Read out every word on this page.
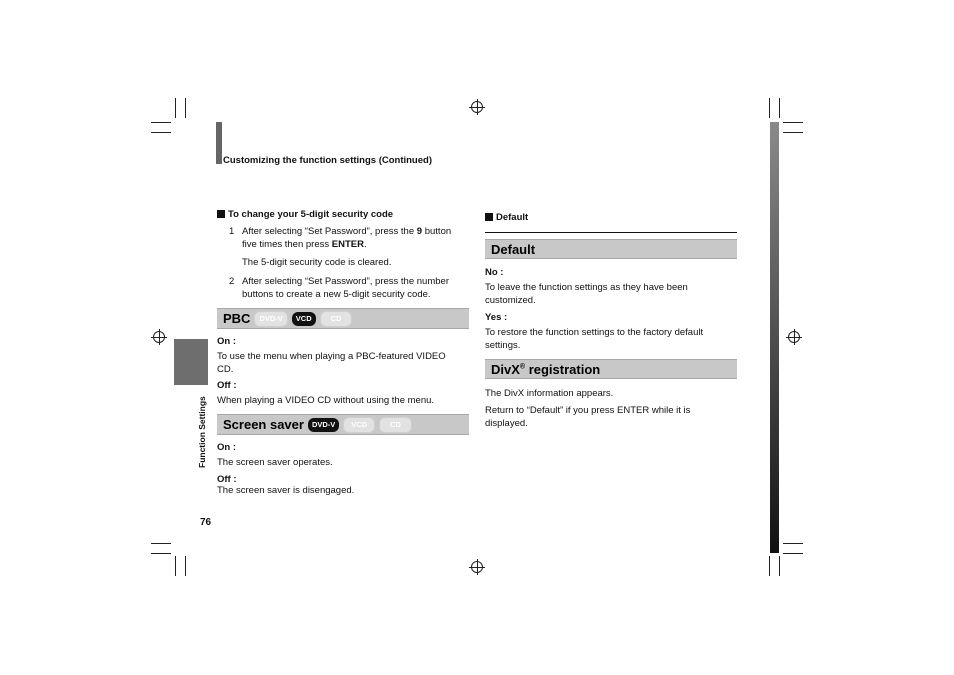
Customizing the function settings (Continued)
Function Settings
To change your 5-digit security code
1 After selecting “Set Password”, press the 9 button
five times then press ENTER.
The 5-digit security code is cleared.
2 After selecting “Set Password”, press the number
buttons to create a new 5-digit security code.
PBC	DVD-V	VCD	CD
On :
To use the menu when playing a PBC-featured VIDEO
CD.
Off :
When playing a VIDEO CD without using the menu.
Screen saver	DVD-V	VCD	CD
On :
The screen saver operates.
Off :
The screen saver is disengaged.
76
Default
Default
No :
To leave the function settings as they have been
customized.
Yes :
To restore the function settings to the factory default
settings.
DivX® registration
The DivX information appears.
Return to “Default” if you press ENTER while it is
displayed.
